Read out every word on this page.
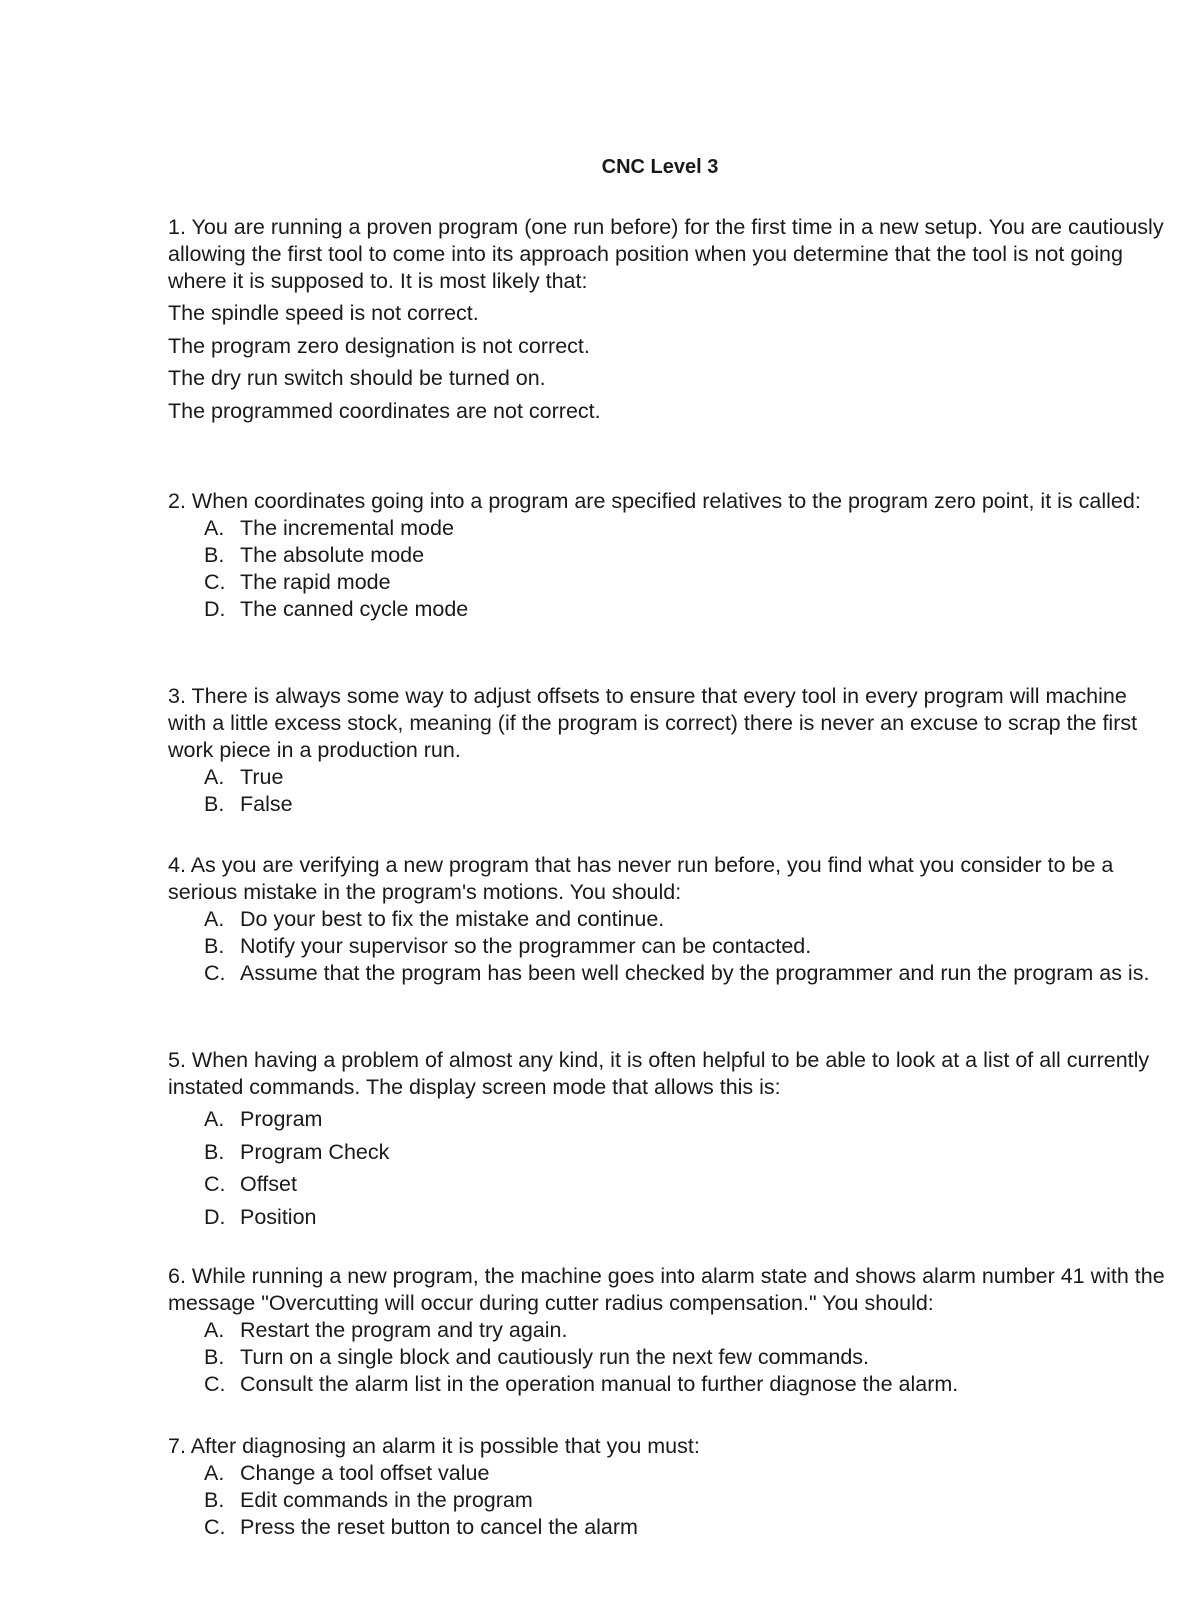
CNC Level 3

1. You are running a proven program (one run before) for the first time in a new setup. You are cautiously allowing the first tool to come into its approach position when you determine that the tool is not going where it is supposed to. It is most likely that:

The spindle speed is not correct.

The program zero designation is not correct.

The dry run switch should be turned on.

The programmed coordinates are not correct.

2. When coordinates going into a program are specified relatives to the program zero point, it is called:

A. The incremental mode
B. The absolute mode
C. The rapid mode
D. The canned cycle mode

3. There is always some way to adjust offsets to ensure that every tool in every program will machine with a little excess stock, meaning (if the program is correct) there is never an excuse to scrap the first work piece in a production run.

A. True
B. False

4. As you are verifying a new program that has never run before, you find what you consider to be a serious mistake in the program's motions. You should:

A. Do your best to fix the mistake and continue.
B. Notify your supervisor so the programmer can be contacted.
C. Assume that the program has been well checked by the programmer and run the program as is.

5. When having a problem of almost any kind, it is often helpful to be able to look at a list of all currently instated commands. The display screen mode that allows this is:

A. Program
B. Program Check
C. Offset
D. Position

6. While running a new program, the machine goes into alarm state and shows alarm number 41 with the message "Overcutting will occur during cutter radius compensation." You should:

A. Restart the program and try again.
B. Turn on a single block and cautiously run the next few commands.
C. Consult the alarm list in the operation manual to further diagnose the alarm.

7. After diagnosing an alarm it is possible that you must:

A. Change a tool offset value
B. Edit commands in the program
C. Press the reset button to cancel the alarm
